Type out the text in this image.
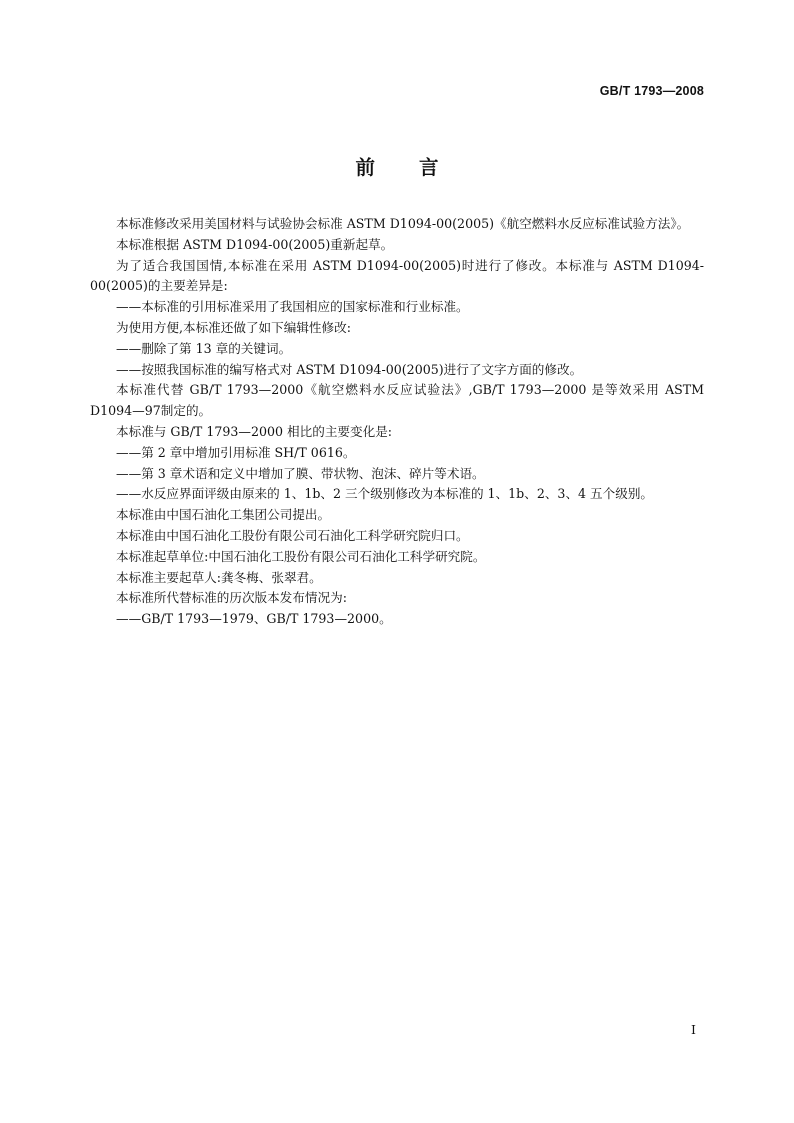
GB/T 1793—2008
前言

本标准修改采用美国材料与试验协会标准 ASTM D1094-00(2005)《航空燃料水反应标准试验方法》。

本标准根据 ASTM D1094-00(2005)重新起草。

为了适合我国国情,本标准在采用 ASTM D1094-00(2005)时进行了修改。本标准与 ASTM D1094-00(2005)的主要差异是:

——本标准的引用标准采用了我国相应的国家标准和行业标准。

为使用方便,本标准还做了如下编辑性修改:

——删除了第 13 章的关键词。

——按照我国标准的编写格式对 ASTM D1094-00(2005)进行了文字方面的修改。

本标准代替 GB/T 1793—2000《航空燃料水反应试验法》,GB/T 1793—2000 是等效采用 ASTM D1094—97制定的。

本标准与 GB/T 1793—2000 相比的主要变化是:

——第 2 章中增加引用标准 SH/T 0616。

——第 3 章术语和定义中增加了膜、带状物、泡沫、碎片等术语。

——水反应界面评级由原来的 1、1b、2 三个级别修改为本标准的 1、1b、2、3、4 五个级别。

本标准由中国石油化工集团公司提出。

本标准由中国石油化工股份有限公司石油化工科学研究院归口。

本标准起草单位:中国石油化工股份有限公司石油化工科学研究院。

本标准主要起草人:龚冬梅、张翠君。

本标准所代替标准的历次版本发布情况为:

——GB/T 1793—1979、GB/T 1793—2000。

I
